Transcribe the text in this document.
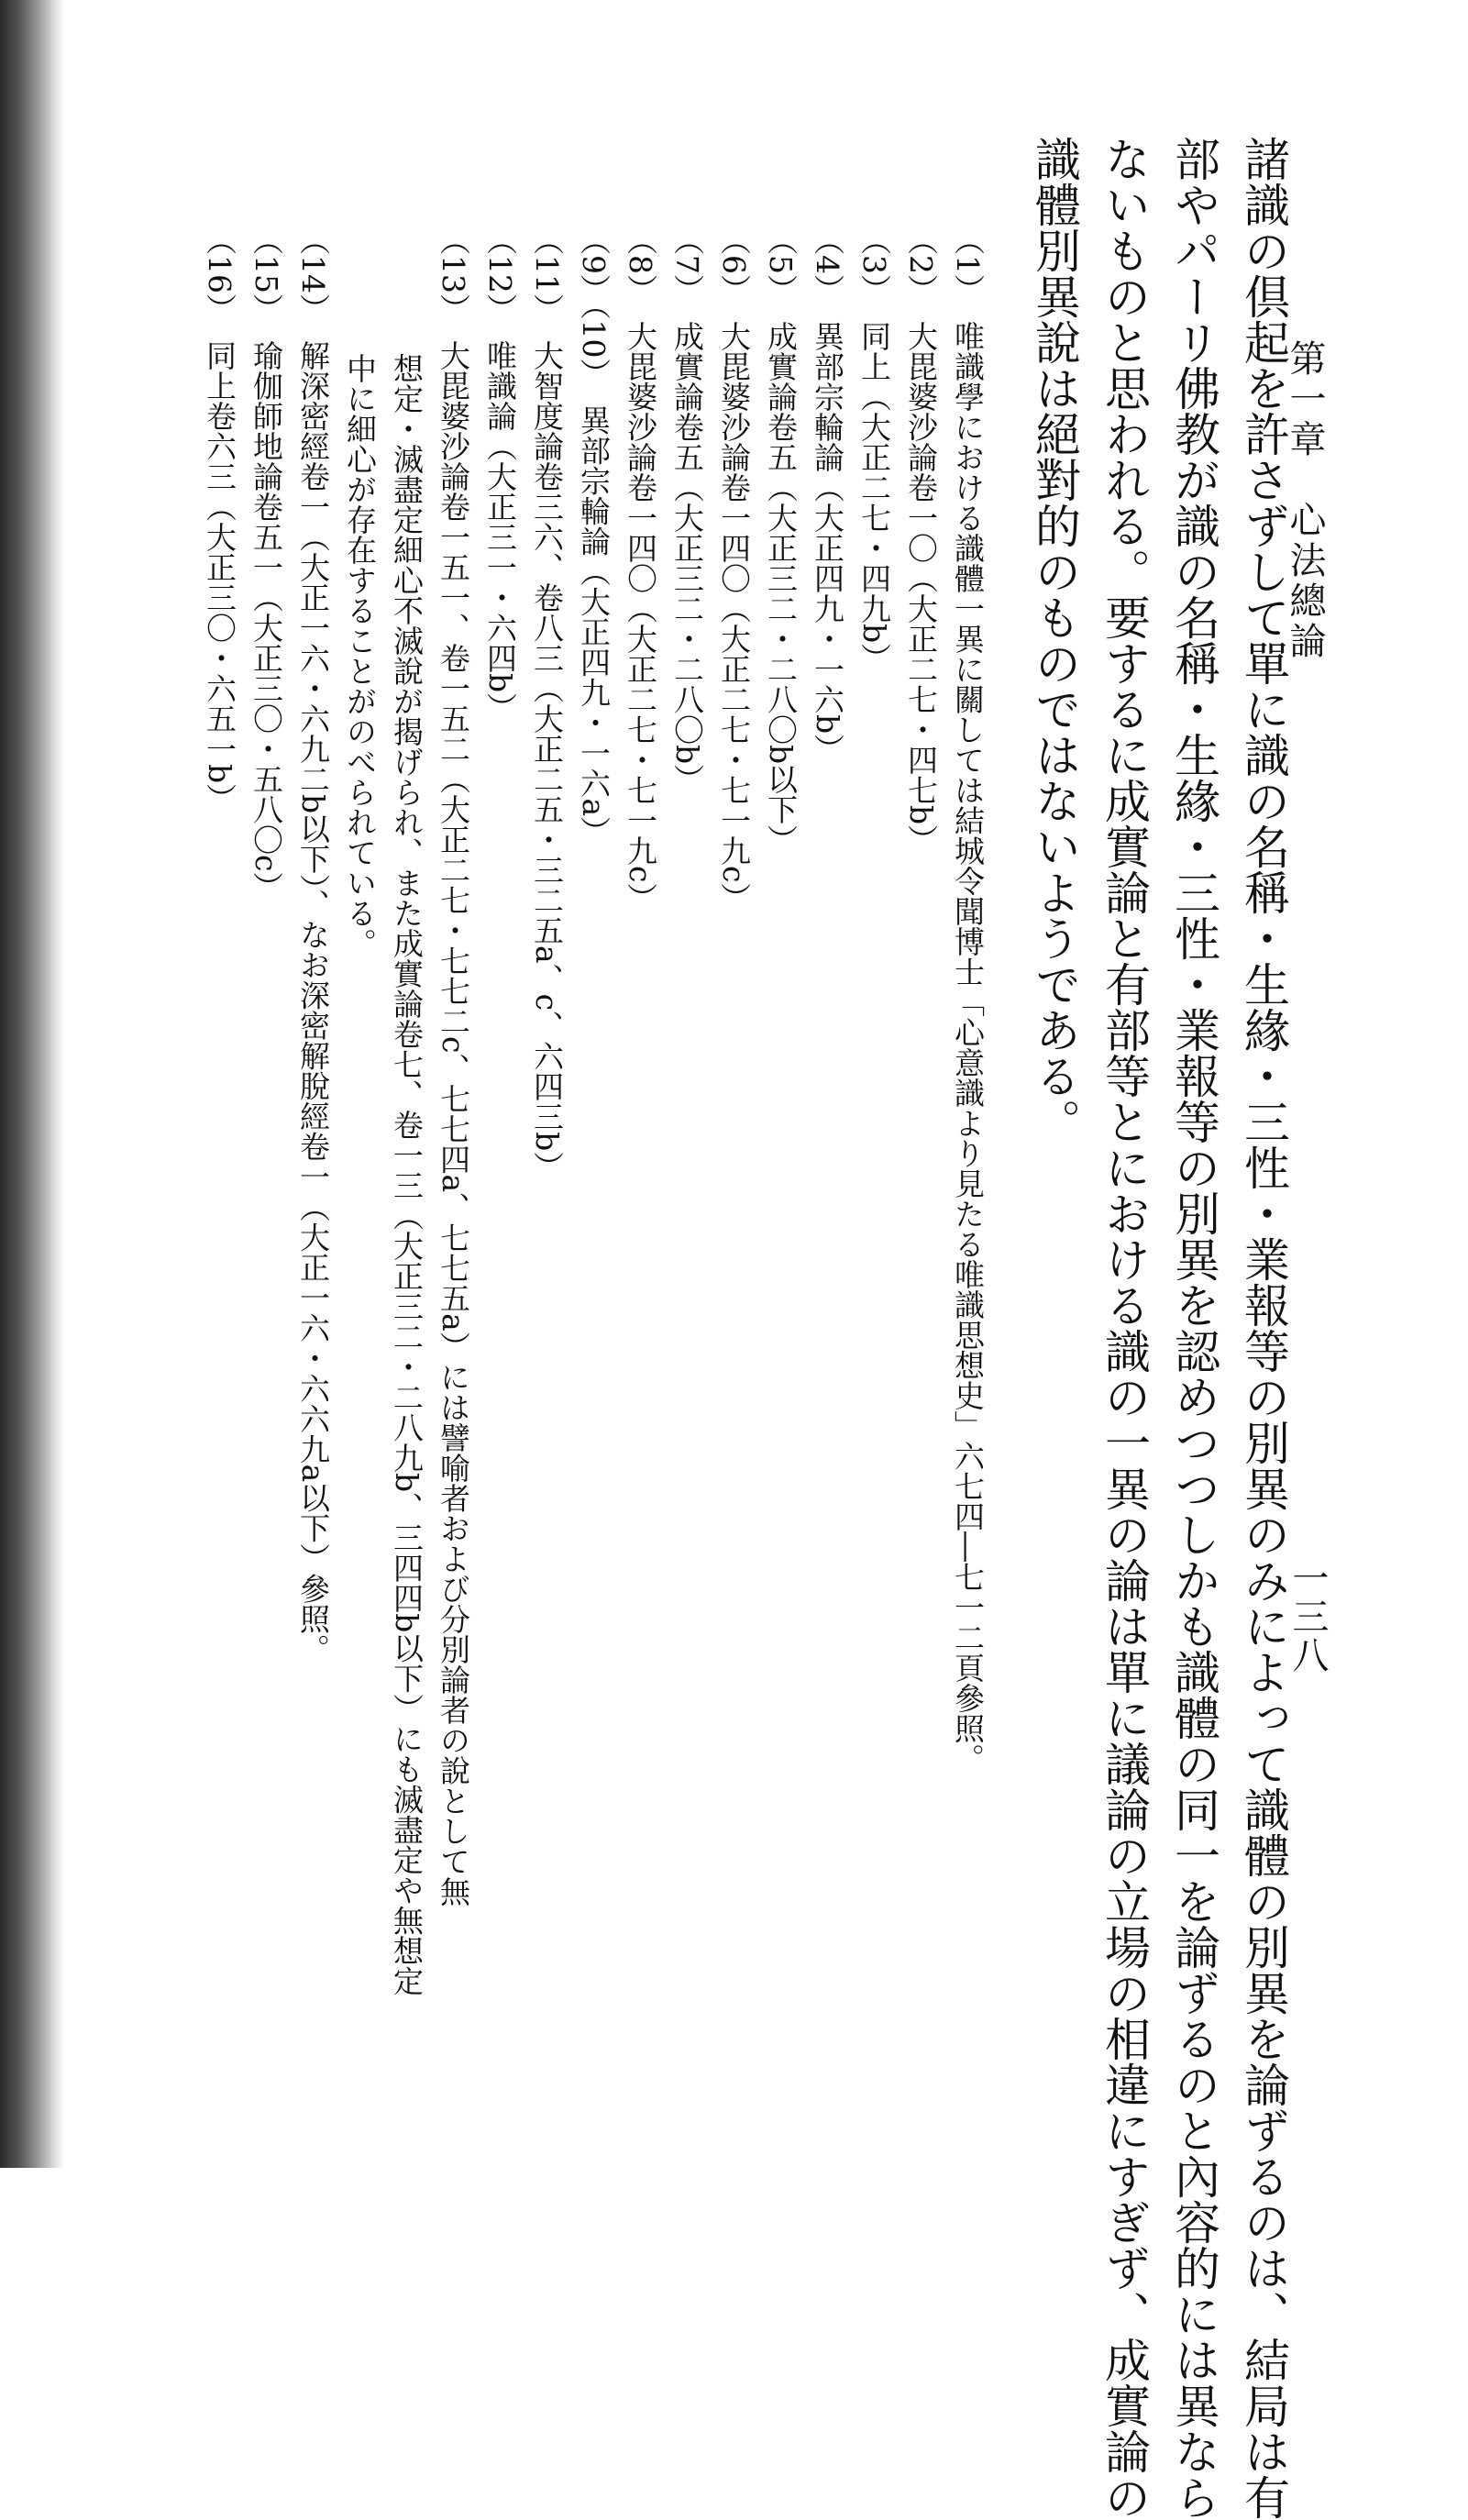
第一章　心法總論
一三八

諸識の倶起を許さずして單に識の名稱・生緣・三性・業報等の別異のみによって識體の別異を論ずるのは、結局は有

部やパーリ佛教が識の名稱・生緣・三性・業報等の別異を認めつつしかも識體の同一を論ずるのと內容的には異なら

ないものと思われる。要するに成實論と有部等とにおける識の一異の論は單に議論の立場の相違にすぎず、成實論の

識體別異說は絕對的のものではないようである。

（1）唯識學における識體一異に關しては結城令聞博士「心意識より見たる唯識思想史」六七四―七一二頁參照。
（2）大毘婆沙論卷一〇（大正二七・四七b）
（3）同上（大正二七・四九b）
（4）異部宗輪論（大正四九・一六b）
（5）成實論卷五（大正三二・二八〇b以下）
（6）大毘婆沙論卷一四〇（大正二七・七一九c）
（7）成實論卷五（大正三二・二八〇b）
（8）大毘婆沙論卷一四〇（大正二七・七一九c）
（9）（10）異部宗輪論（大正四九・一六a）
（11）大智度論卷三六、卷八三（大正二五・三二五a、c、六四三b）
（12）唯識論（大正三一・六四b）
（13）大毘婆沙論卷一五一、卷一五二（大正二七・七七二c、七七四a、七七五a）には譬喻者および分別論者の說として無
想定・滅盡定細心不滅說が揭げられ、また成實論卷七、卷一三（大正三二・二八九b、三四四b以下）にも滅盡定や無想定
中に細心が存在することがのべられている。
（14）解深密經卷一（大正一六・六九二b以下）、なお深密解脫經卷一（大正一六・六六九a以下）參照。
（15）瑜伽師地論卷五一（大正三〇・五八〇c）
（16）同上卷六三（大正三〇・六五一b）
